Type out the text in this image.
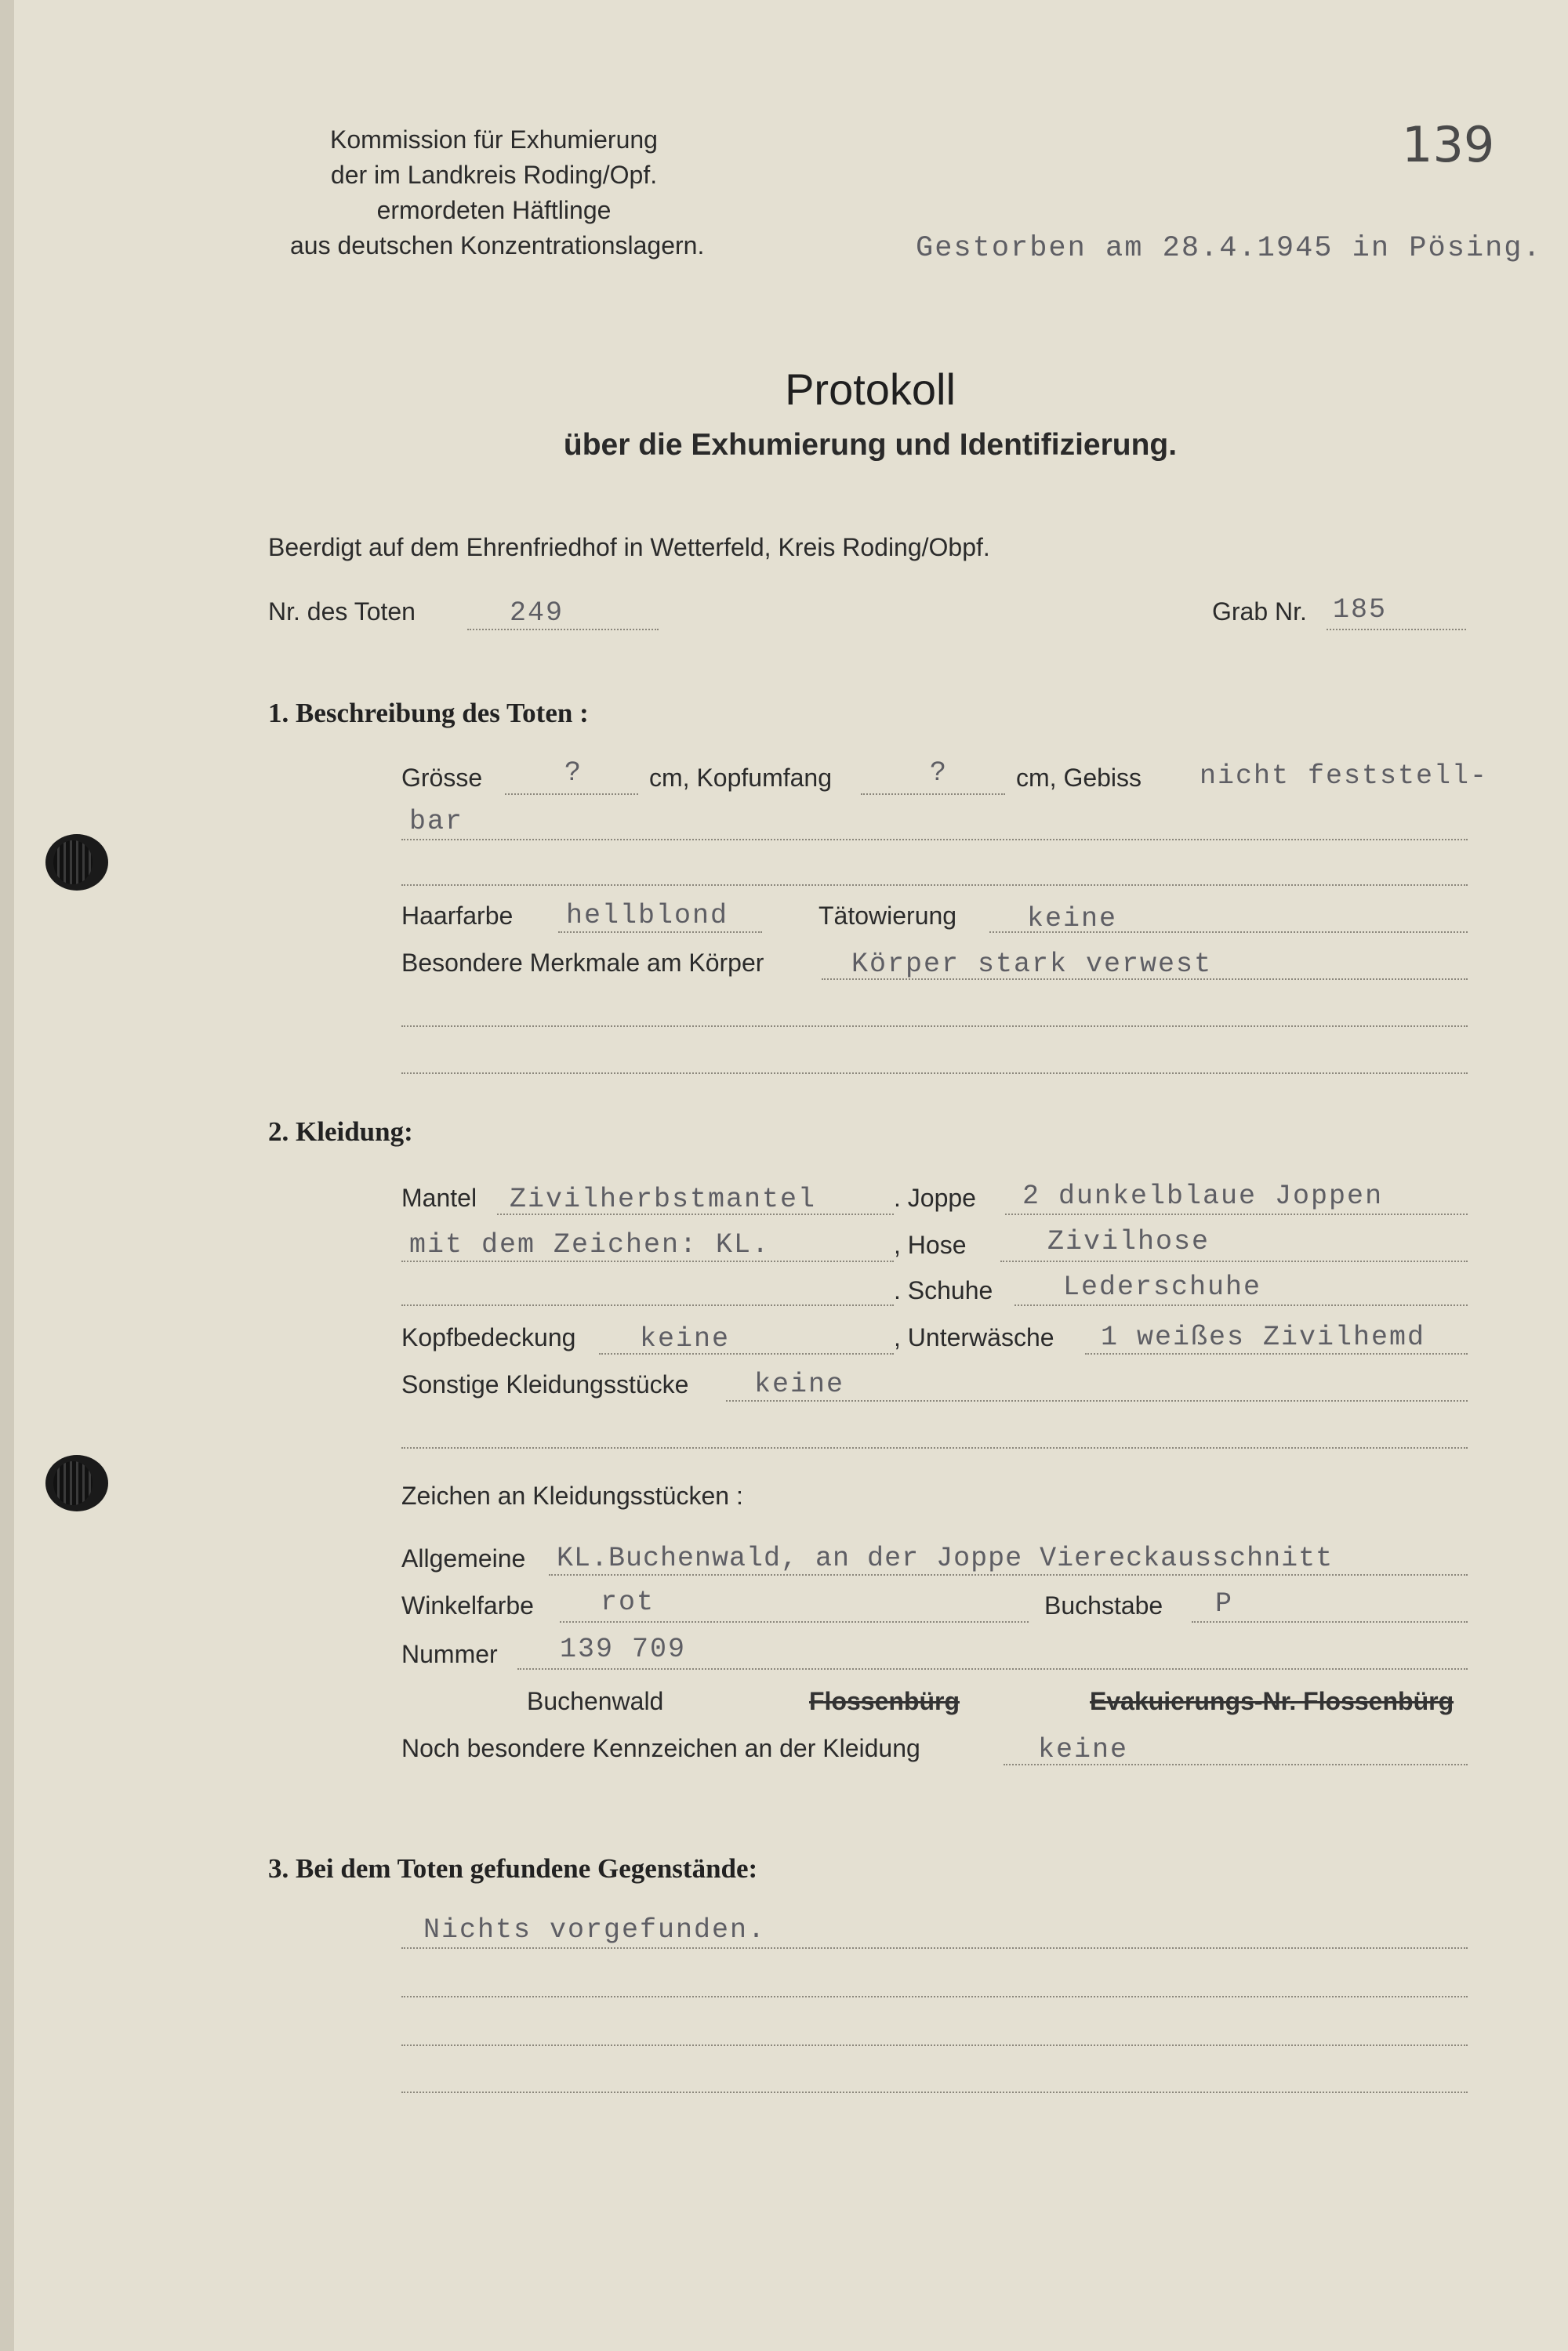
Kommission für Exhumierung
der im Landkreis Roding/Opf.
ermordeten Häftlinge
aus deutschen Konzentrationslagern.
139
Gestorben am 28.4.1945 in Pösing.
Protokoll
über die Exhumierung und Identifizierung.
Beerdigt auf dem Ehrenfriedhof in Wetterfeld, Kreis Roding/Obpf.
Nr. des Toten	249	Grab Nr. 185
1. Beschreibung des Toten :
Grösse	?	cm, Kopfumfang	?	cm, Gebiss nicht feststell-
bar
Haarfarbe hellblond	Tätowierung	keine
Besondere Merkmale am Körper	Körper stark verwest
2. Kleidung:
Mantel Zivilherbstmantel	. Joppe 2 dunkelblaue Joppen
mit dem Zeichen: KL.	, Hose	Zivilhose
. Schuhe	Lederschuhe
Kopfbedeckung keine	, Unterwäsche 1 weißes Zivilhemd
Sonstige Kleidungsstücke keine
Zeichen an Kleidungsstücken :
Allgemeine KL.Buchenwald, an der Joppe Viereckausschnitt
Winkelfarbe rot	Buchstabe P
Nummer 139 709
Buchenwald	Flossenbürg	Evakuierungs-Nr. Flossenbürg
Noch besondere Kennzeichen an der Kleidung	keine
3. Bei dem Toten gefundene Gegenstände:
Nichts vorgefunden.
